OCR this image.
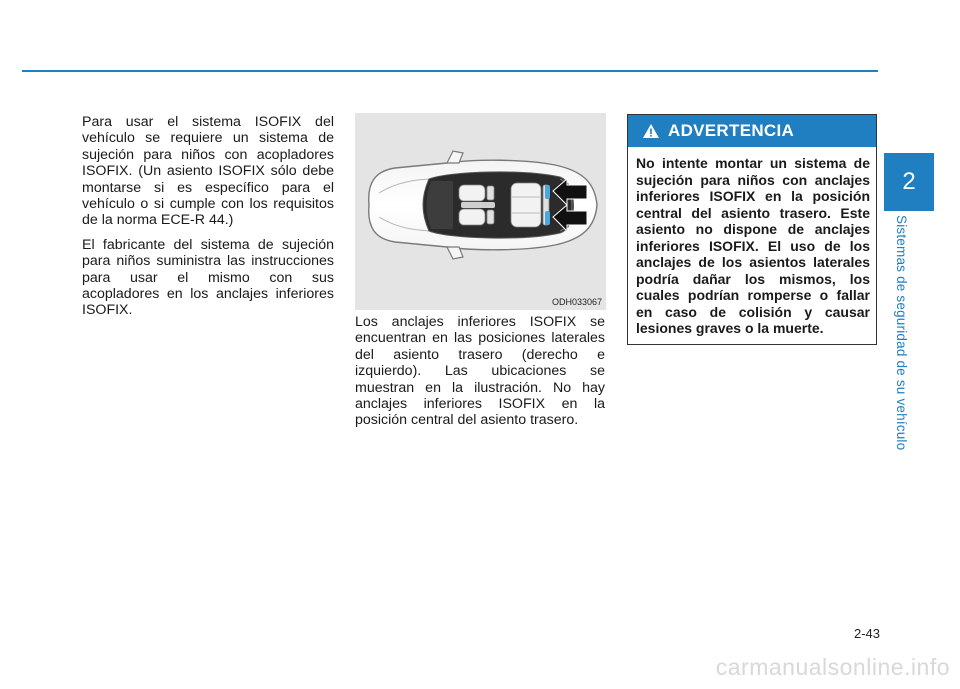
Para usar el sistema ISOFIX del vehículo se requiere un sistema de sujeción para niños con acopladores ISOFIX. (Un asiento ISOFIX sólo debe montarse si es específico para el vehículo o si cumple con los requisitos de la norma ECE-R 44.)

El fabricante del sistema de sujeción para niños suministra las instrucciones para usar el mismo con sus acopladores en los anclajes inferiores ISOFIX.

ODH033067

Los anclajes inferiores ISOFIX se encuentran en las posiciones laterales del asiento trasero (derecho e izquierdo). Las ubicaciones se muestran en la ilustración. No hay anclajes inferiores ISOFIX en la posición central del asiento trasero.

ADVERTENCIA
No intente montar un sistema de sujeción para niños con anclajes inferiores ISOFIX en la posición central del asiento trasero. Este asiento no dispone de anclajes inferiores ISOFIX. El uso de los anclajes de los asientos laterales podría dañar los mismos, los cuales podrían romperse o fallar en caso de colisión y causar lesiones graves o la muerte.
2
Sistemas de seguridad de su vehículo
2-43
carmanualsonline.info
